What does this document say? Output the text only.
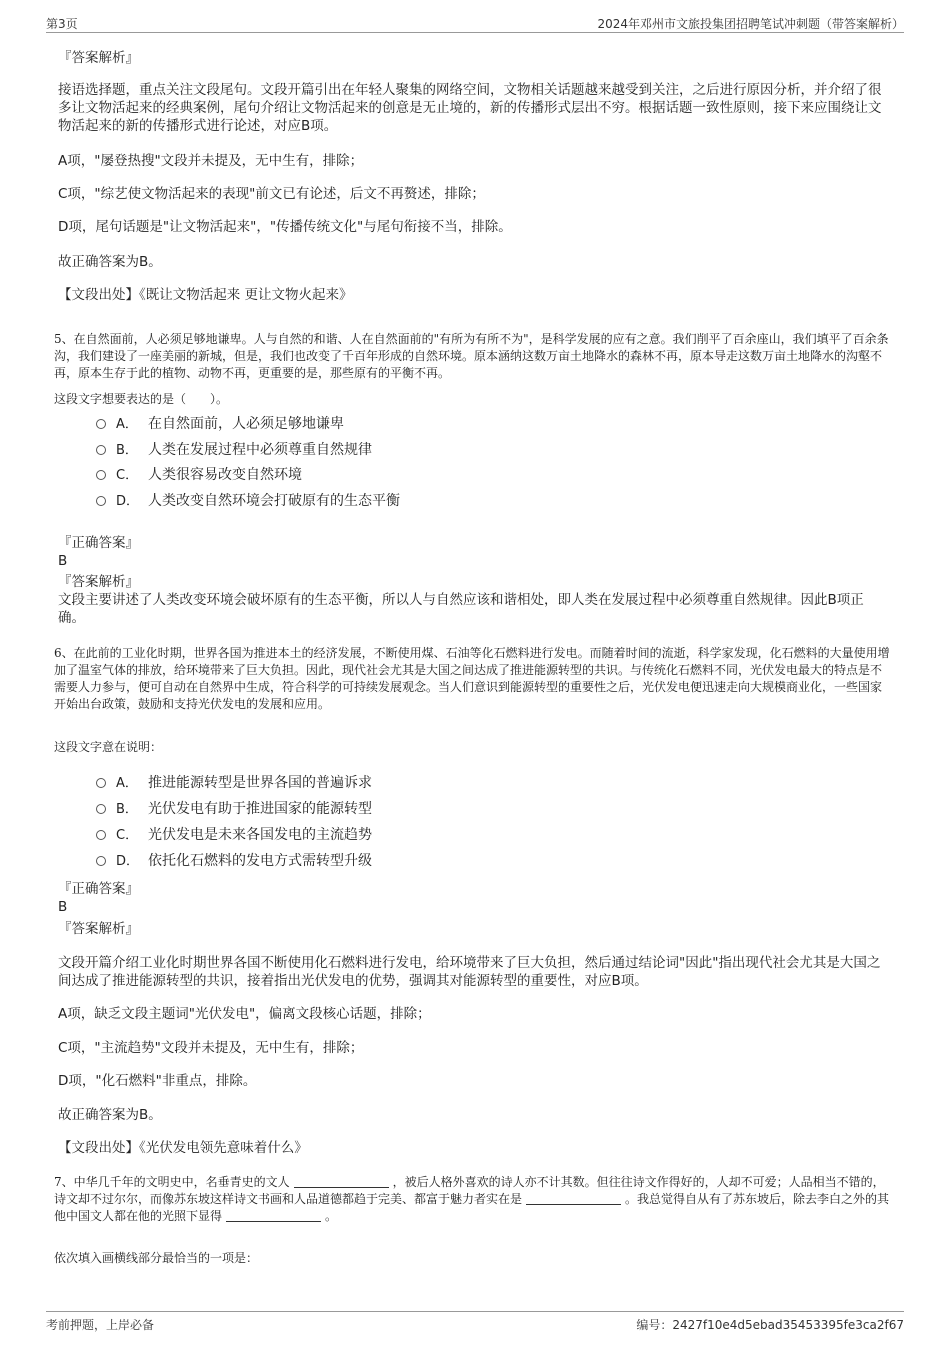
第3页	2024年邓州市文旅投集团招聘笔试冲刺题（带答案解析）
『答案解析』
接语选择题，重点关注文段尾句。文段开篇引出在年轻人聚集的网络空间，文物相关话题越来越受到关注，之后进行原因分析，并介绍了很多让文物活起来的经典案例，尾句介绍让文物活起来的创意是无止境的，新的传播形式层出不穷。根据话题一致性原则，接下来应围绕让文物活起来的新的传播形式进行论述，对应B项。
A项，"屡登热搜"文段并未提及，无中生有，排除；
C项，"综艺使文物活起来的表现"前文已有论述，后文不再赘述，排除；
D项，尾句话题是"让文物活起来"，"传播传统文化"与尾句衔接不当，排除。
故正确答案为B。
【文段出处】《既让文物活起来 更让文物火起来》
5、在自然面前，人必须足够地谦卑。人与自然的和谐、人在自然面前的"有所为有所不为"，是科学发展的应有之意。我们削平了百余座山，我们填平了百余条沟，我们建设了一座美丽的新城，但是，我们也改变了千百年形成的自然环境。原本涵纳这数万亩土地降水的森林不再，原本导走这数万亩土地降水的沟壑不再，原本生存于此的植物、动物不再，更重要的是，那些原有的平衡不再。
这段文字想要表达的是（　　）。
A． 在自然面前，人必须足够地谦卑
B． 人类在发展过程中必须尊重自然规律
C． 人类很容易改变自然环境
D． 人类改变自然环境会打破原有的生态平衡
『正确答案』
B
『答案解析』
文段主要讲述了人类改变环境会破坏原有的生态平衡，所以人与自然应该和谐相处，即人类在发展过程中必须尊重自然规律。因此B项正确。
6、在此前的工业化时期，世界各国为推进本土的经济发展，不断使用煤、石油等化石燃料进行发电。而随着时间的流逝，科学家发现，化石燃料的大量使用增加了温室气体的排放，给环境带来了巨大负担。因此，现代社会尤其是大国之间达成了推进能源转型的共识。与传统化石燃料不同，光伏发电最大的特点是不需要人力参与，便可自动在自然界中生成，符合科学的可持续发展观念。当人们意识到能源转型的重要性之后，光伏发电便迅速走向大规模商业化，一些国家开始出台政策，鼓励和支持光伏发电的发展和应用。
这段文字意在说明：
A． 推进能源转型是世界各国的普遍诉求
B． 光伏发电有助于推进国家的能源转型
C． 光伏发电是未来各国发电的主流趋势
D． 依托化石燃料的发电方式需转型升级
『正确答案』
B
『答案解析』
文段开篇介绍工业化时期世界各国不断使用化石燃料进行发电，给环境带来了巨大负担，然后通过结论词"因此"指出现代社会尤其是大国之间达成了推进能源转型的共识，接着指出光伏发电的优势，强调其对能源转型的重要性，对应B项。
A项，缺乏文段主题词"光伏发电"，偏离文段核心话题，排除；
C项，"主流趋势"文段并未提及，无中生有，排除；
D项，"化石燃料"非重点，排除。
故正确答案为B。
【文段出处】《光伏发电领先意味着什么》
7、中华几千年的文明史中，名垂青史的文人	，被后人格外喜欢的诗人亦不计其数。但往往诗文作得好的，人却不可爱；人品相当不错的，诗文却不过尔尔，而像苏东坡这样诗文书画和人品道德都趋于完美、都富于魅力者实在是	。我总觉得自从有了苏东坡后，除去李白之外的其他中国文人都在他的光照下显得	。
依次填入画横线部分最恰当的一项是：
考前押题，上岸必备	编号：2427f10e4d5ebad35453395fe3ca2f67
